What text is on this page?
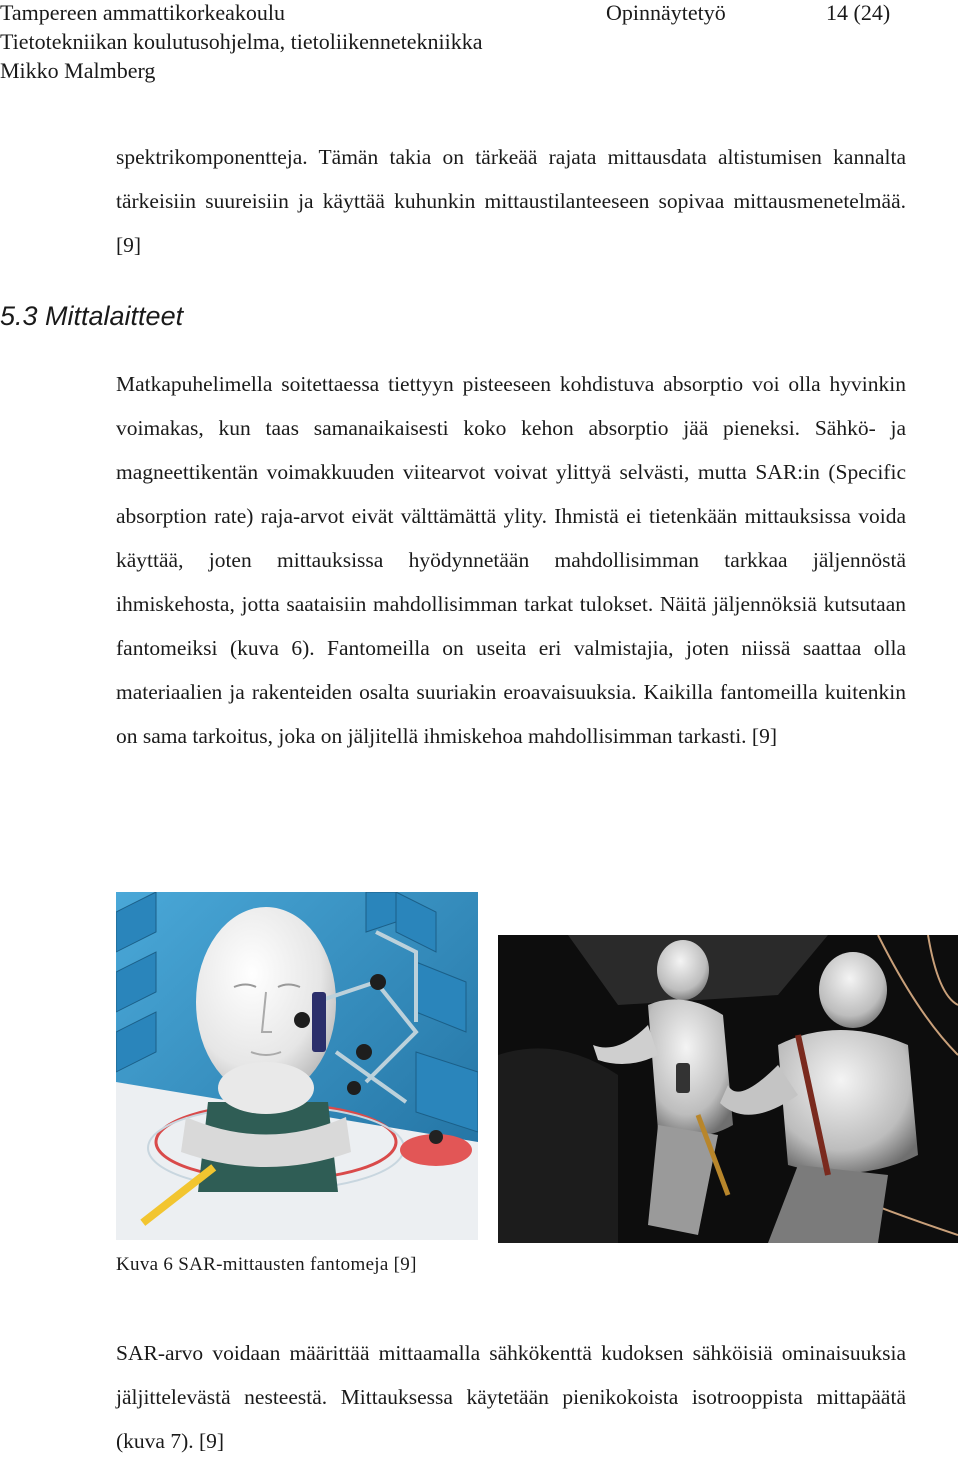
Tampereen ammattikorkeakoulu	Opinnäytetyö	14 (24)
Tietotekniikan koulutusohjelma, tietoliikennetekniikka
Mikko Malmberg

spektrikomponentteja. Tämän takia on tärkeää rajata mittausdata altistumisen kannalta tärkeisiin suureisiin ja käyttää kuhunkin mittaustilanteeseen sopivaa mittausmenetelmää. [9]

5.3 Mittalaitteet

Matkapuhelimella soitettaessa tiettyyn pisteeseen kohdistuva absorptio voi olla hyvinkin voimakas, kun taas samanaikaisesti koko kehon absorptio jää pieneksi. Sähkö- ja magneettikentän voimakkuuden viitearvot voivat ylittyä selvästi, mutta SAR:in (Specific absorption rate) raja-arvot eivät välttämättä ylity. Ihmistä ei tietenkään mittauksissa voida käyttää, joten mittauksissa hyödynnetään mahdollisimman tarkkaa jäljennöstä ihmiskehosta, jotta saataisiin mahdollisimman tarkat tulokset. Näitä jäljennöksiä kutsutaan fantomeiksi (kuva 6). Fantomeilla on useita eri valmistajia, joten niissä saattaa olla materiaalien ja rakenteiden osalta suuriakin eroavaisuuksia. Kaikilla fantomeilla kuitenkin on sama tarkoitus, joka on jäljitellä ihmiskehoa mahdollisimman tarkasti. [9]

Kuva 6 SAR-mittausten fantomeja [9]

SAR-arvo voidaan määrittää mittaamalla sähkökenttä kudoksen sähköisiä ominaisuuksia jäljittelevästä nesteestä. Mittauksessa käytetään pienikokoista isotrooppista mittapäätä (kuva 7). [9]
